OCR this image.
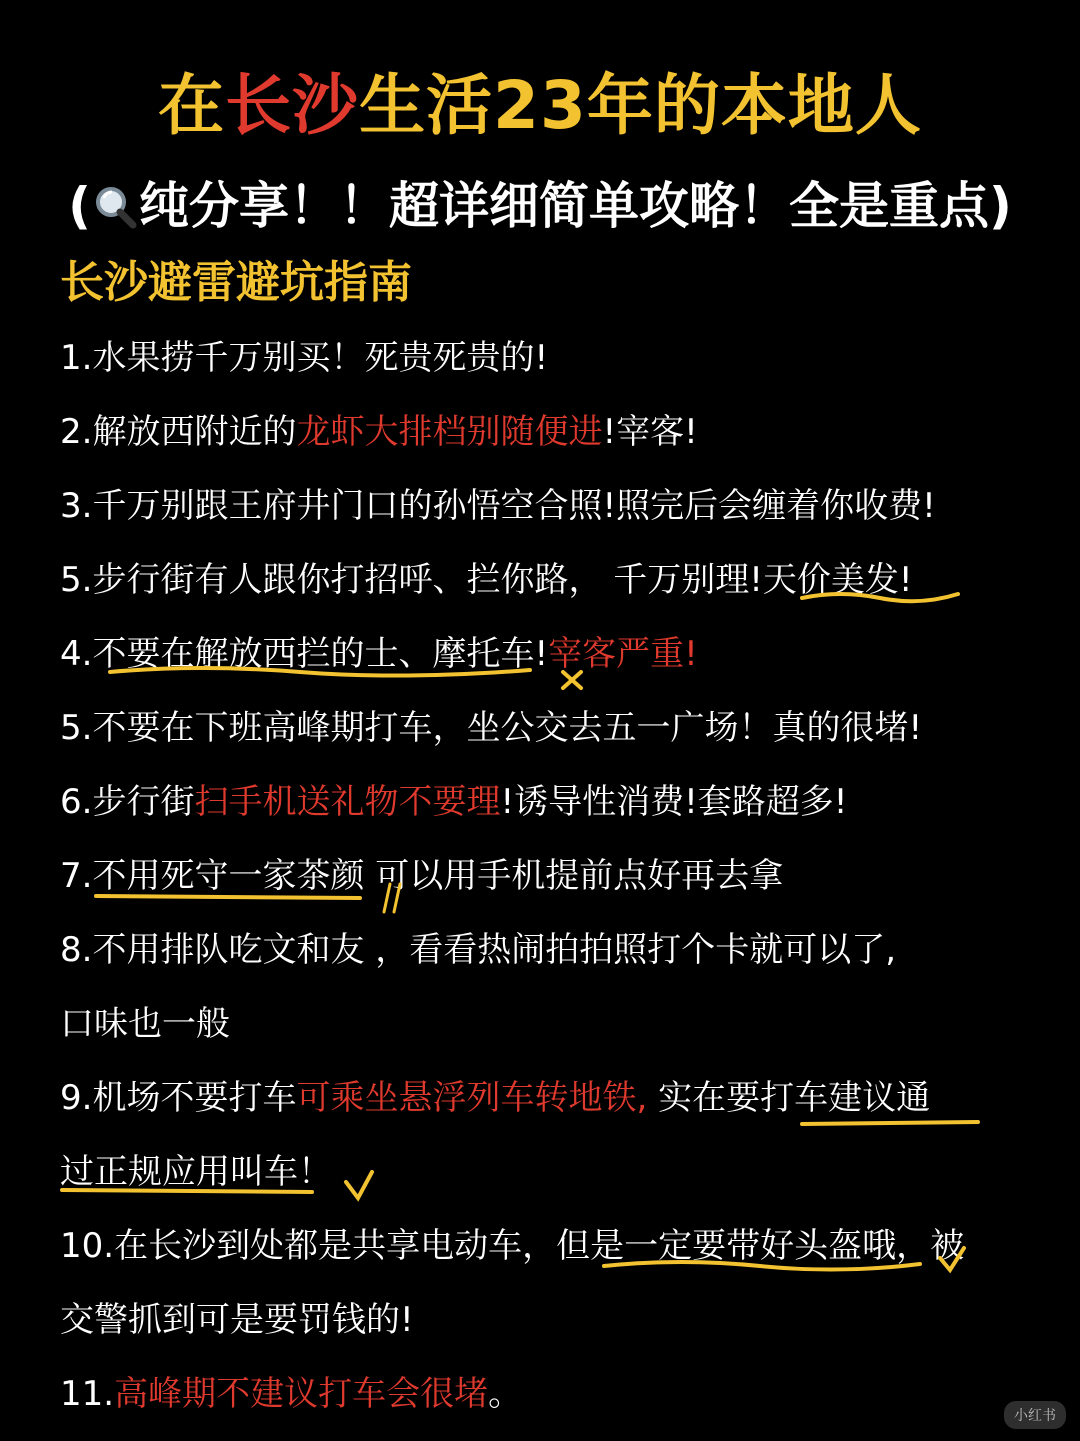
在长沙生活23年的本地人
( 纯分享！！超详细简单攻略！全是重点)
长沙避雷避坑指南
1.水果捞千万别买！死贵死贵的!
2.解放西附近的龙虾大排档别随便进!宰客!
3.千万别跟王府井门口的孙悟空合照!照完后会缠着你收费!
5.步行街有人跟你打招呼、拦你路， 千万别理!天价美发!
4.不要在解放西拦的士、摩托车!宰客严重!
5.不要在下班高峰期打车，坐公交去五一广场！真的很堵!
6.步行街扫手机送礼物不要理!诱导性消费!套路超多!
7.不用死守一家茶颜 可以用手机提前点好再去拿
8.不用排队吃文和友 ，看看热闹拍拍照打个卡就可以了,
口味也一般
9.机场不要打车可乘坐悬浮列车转地铁, 实在要打车建议通
过正规应用叫车！
10.在长沙到处都是共享电动车，但是一定要带好头盔哦，被
交警抓到可是要罚钱的!
11.高峰期不建议打车会很堵。
小红书
